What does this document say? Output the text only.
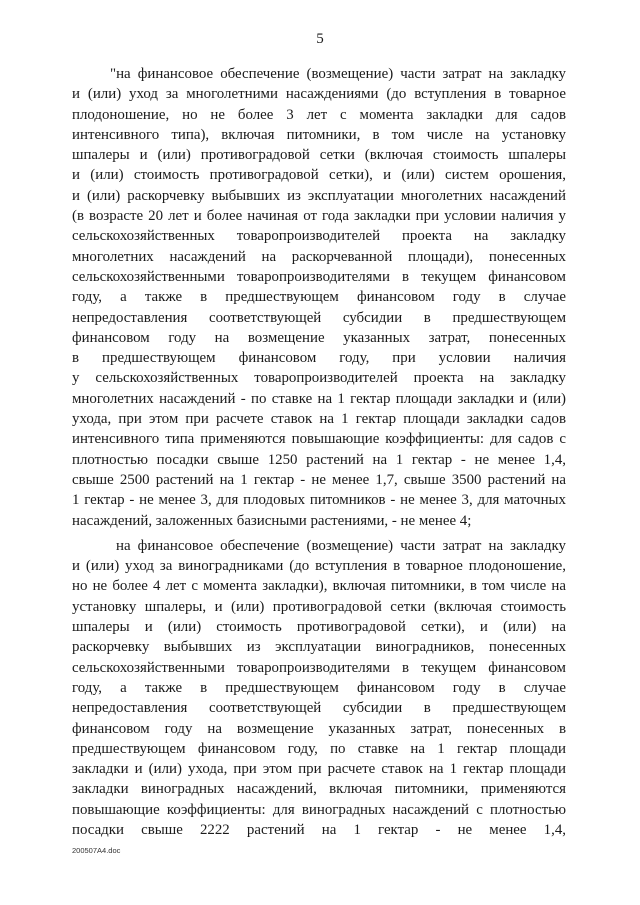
5
"на финансовое обеспечение (возмещение) части затрат на закладку
и (или) уход за многолетними насаждениями (до вступления в товарное
плодоношение, но не более 3 лет с момента закладки для садов
интенсивного типа), включая питомники, в том числе на установку
шпалеры и (или) противоградовой сетки (включая стоимость шпалеры
и (или) стоимость противоградовой сетки), и (или) систем орошения,
и (или) раскорчевку выбывших из эксплуатации многолетних насаждений
(в возрасте 20 лет и более начиная от года закладки при условии наличия у
сельскохозяйственных товаропроизводителей проекта на закладку
многолетних насаждений на раскорчеванной площади), понесенных
сельскохозяйственными товаропроизводителями в текущем финансовом
году, а также в предшествующем финансовом году в случае
непредоставления соответствующей субсидии в предшествующем
финансовом году на возмещение указанных затрат, понесенных
в предшествующем финансовом году, при условии наличия
у сельскохозяйственных товаропроизводителей проекта на закладку
многолетних насаждений - по ставке на 1 гектар площади закладки и (или)
ухода, при этом при расчете ставок на 1 гектар площади закладки садов
интенсивного типа применяются повышающие коэффициенты: для садов с
плотностью посадки свыше 1250 растений на 1 гектар - не менее 1,4,
свыше 2500 растений на 1 гектар - не менее 1,7, свыше 3500 растений на
1 гектар - не менее 3, для плодовых питомников - не менее 3, для маточных
насаждений, заложенных базисными растениями, - не менее 4;
на финансовое обеспечение (возмещение) части затрат на закладку
и (или) уход за виноградниками (до вступления в товарное плодоношение,
но не более 4 лет с момента закладки), включая питомники, в том числе на
установку шпалеры, и (или) противоградовой сетки (включая стоимость
шпалеры и (или) стоимость противоградовой сетки), и (или) на
раскорчевку выбывших из эксплуатации виноградников, понесенных
сельскохозяйственными товаропроизводителями в текущем финансовом
году, а также в предшествующем финансовом году в случае
непредоставления соответствующей субсидии в предшествующем
финансовом году на возмещение указанных затрат, понесенных в
предшествующем финансовом году, по ставке на 1 гектар площади
закладки и (или) ухода, при этом при расчете ставок на 1 гектар площади
закладки виноградных насаждений, включая питомники, применяются
повышающие коэффициенты: для виноградных насаждений с плотностью
посадки свыше 2222 растений на 1 гектар - не менее 1,4,
200507A4.doc
